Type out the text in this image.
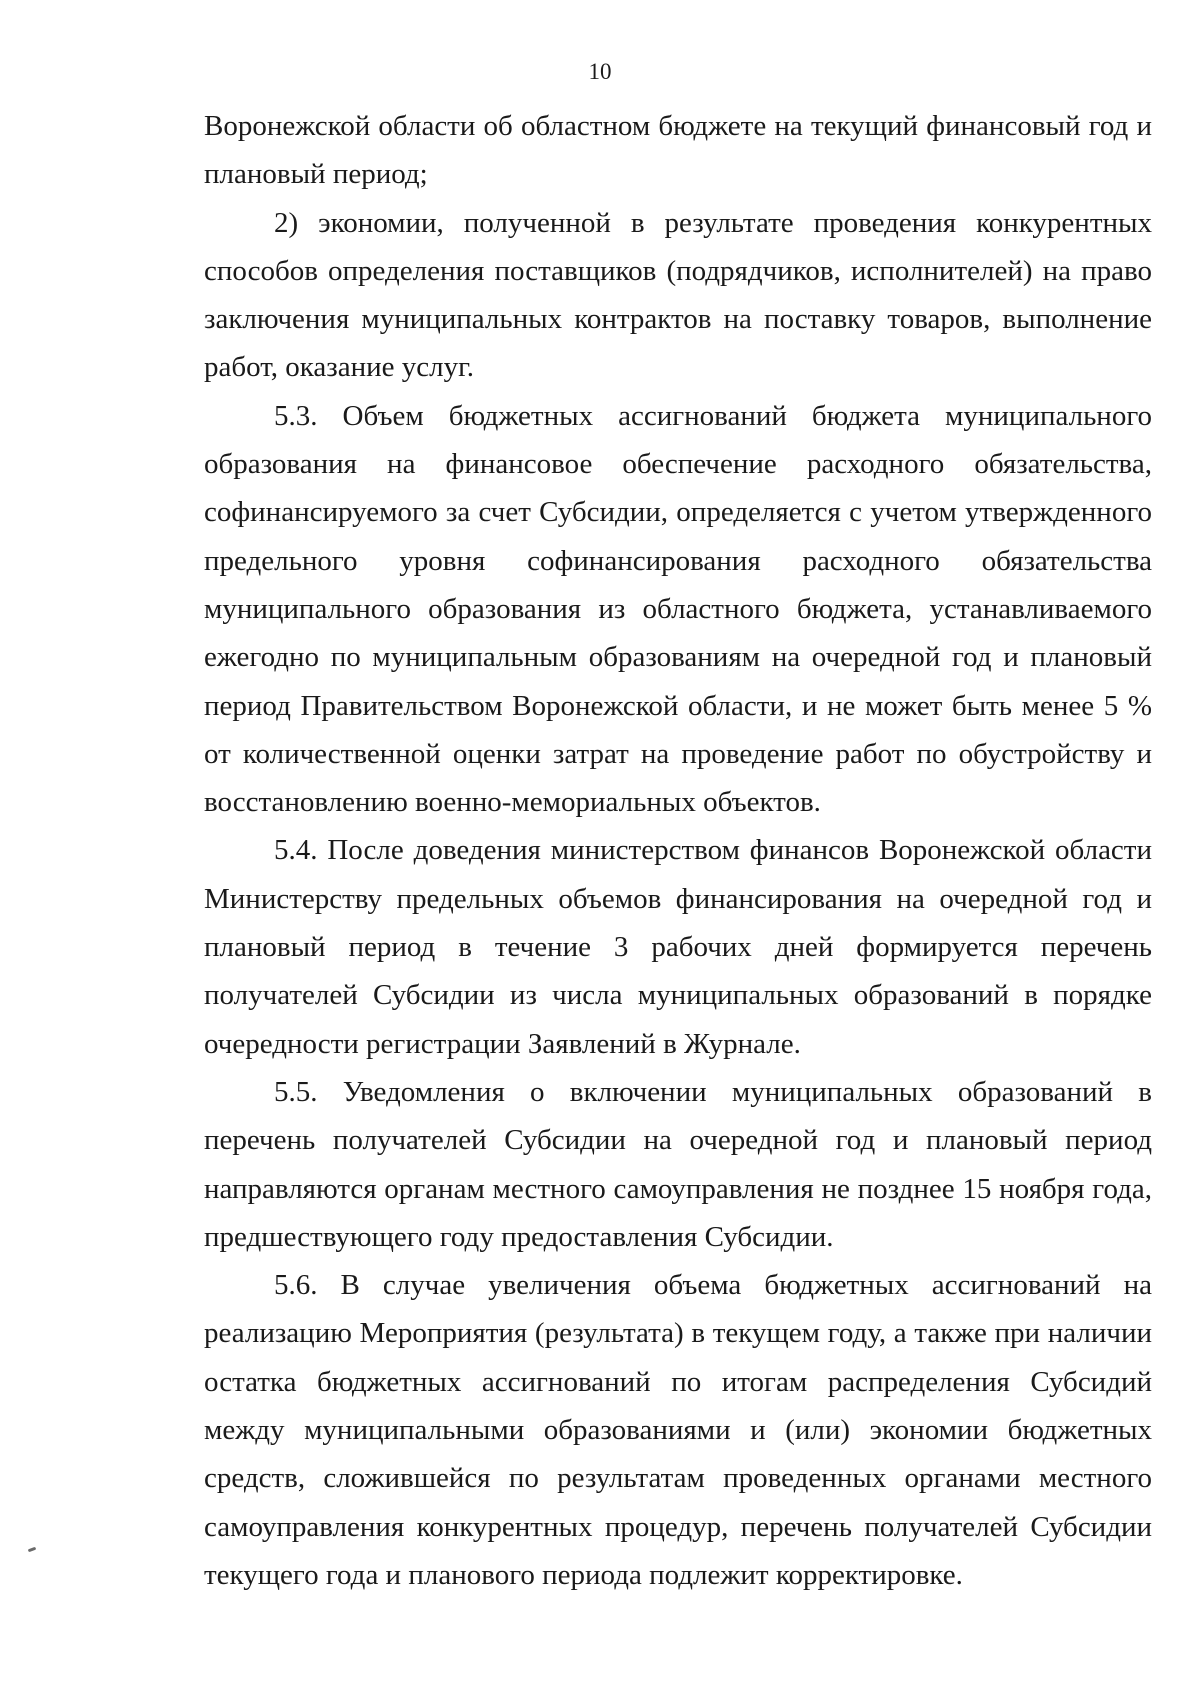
10

Воронежской области об областном бюджете на текущий финансовый год и плановый период;

2) экономии, полученной в результате проведения конкурентных способов определения поставщиков (подрядчиков, исполнителей) на право заключения муниципальных контрактов на поставку товаров, выполнение работ, оказание услуг.

5.3. Объем бюджетных ассигнований бюджета муниципального образования на финансовое обеспечение расходного обязательства, софинансируемого за счет Субсидии, определяется с учетом утвержденного предельного уровня софинансирования расходного обязательства муниципального образования из областного бюджета, устанавливаемого ежегодно по муниципальным образованиям на очередной год и плановый период Правительством Воронежской области, и не может быть менее 5 % от количественной оценки затрат на проведение работ по обустройству и восстановлению военно-мемориальных объектов.

5.4. После доведения министерством финансов Воронежской области Министерству предельных объемов финансирования на очередной год и плановый период в течение 3 рабочих дней формируется перечень получателей Субсидии из числа муниципальных образований в порядке очередности регистрации Заявлений в Журнале.

5.5. Уведомления о включении муниципальных образований в перечень получателей Субсидии на очередной год и плановый период направляются органам местного самоуправления не позднее 15 ноября года, предшествующего году предоставления Субсидии.

5.6. В случае увеличения объема бюджетных ассигнований на реализацию Мероприятия (результата) в текущем году, а также при наличии остатка бюджетных ассигнований по итогам распределения Субсидий между муниципальными образованиями и (или) экономии бюджетных средств, сложившейся по результатам проведенных органами местного самоуправления конкурентных процедур, перечень получателей Субсидии текущего года и планового периода подлежит корректировке.
